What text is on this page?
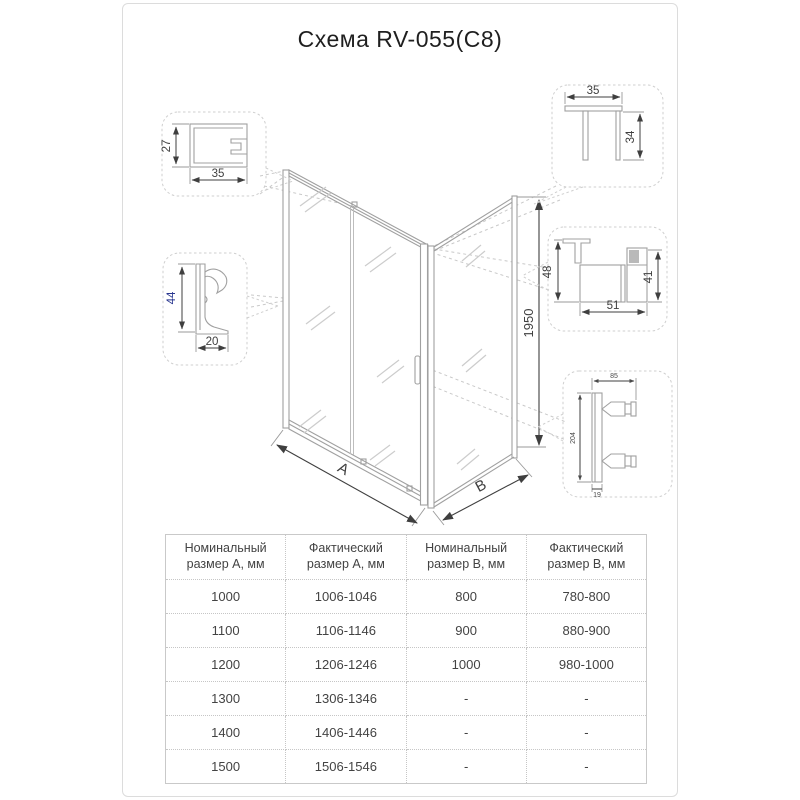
Схема RV-055(C8)
1950
A
B
27
35
44
20
35
34
48	41
51
85
204
19
Номинальный размер А, мм	Фактический размер А, мм	Номинальный размер В, мм	Фактический размер В, мм
1000	1006-1046	800	780-800
1100	1106-1146	900	880-900
1200	1206-1246	1000	980-1000
1300	1306-1346	-	-
1400	1406-1446	-	-
1500	1506-1546	-	-
